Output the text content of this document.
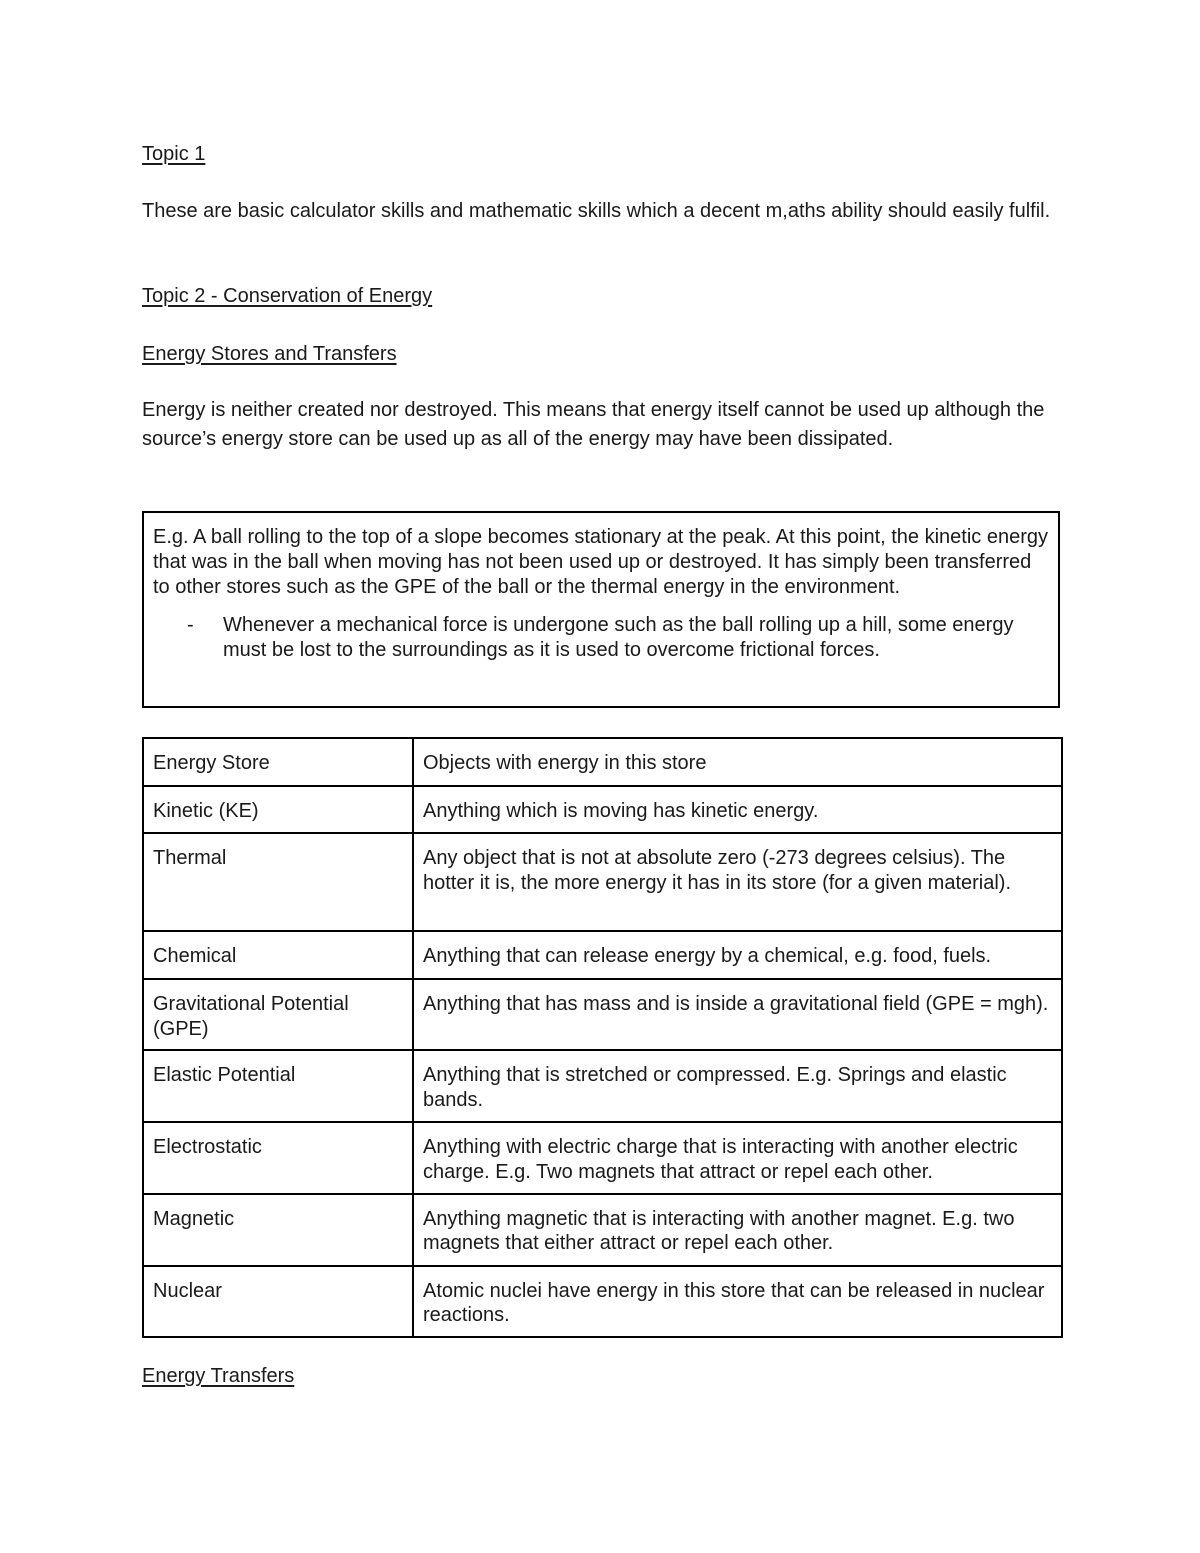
Topic 1
These are basic calculator skills and mathematic skills which a decent m,aths ability should easily fulfil.
Topic 2 - Conservation of Energy
Energy Stores and Transfers
Energy is neither created nor destroyed. This means that energy itself cannot be used up although the source’s energy store can be used up as all of the energy may have been dissipated.
E.g. A ball rolling to the top of a slope becomes stationary at the peak. At this point, the kinetic energy that was in the ball when moving has not been used up or destroyed. It has simply been transferred to other stores such as the GPE of the ball or the thermal energy in the environment.
- Whenever a mechanical force is undergone such as the ball rolling up a hill, some energy must be lost to the surroundings as it is used to overcome frictional forces.
Energy Store	Objects with energy in this store
Kinetic (KE)	Anything which is moving has kinetic energy.
Thermal	Any object that is not at absolute zero (-273 degrees celsius). The hotter it is, the more energy it has in its store (for a given material).
Chemical	Anything that can release energy by a chemical, e.g. food, fuels.
Gravitational Potential (GPE)	Anything that has mass and is inside a gravitational field (GPE = mgh).
Elastic Potential	Anything that is stretched or compressed. E.g. Springs and elastic bands.
Electrostatic	Anything with electric charge that is interacting with another electric charge. E.g. Two magnets that attract or repel each other.
Magnetic	Anything magnetic that is interacting with another magnet. E.g. two magnets that either attract or repel each other.
Nuclear	Atomic nuclei have energy in this store that can be released in nuclear reactions.
Energy Transfers
